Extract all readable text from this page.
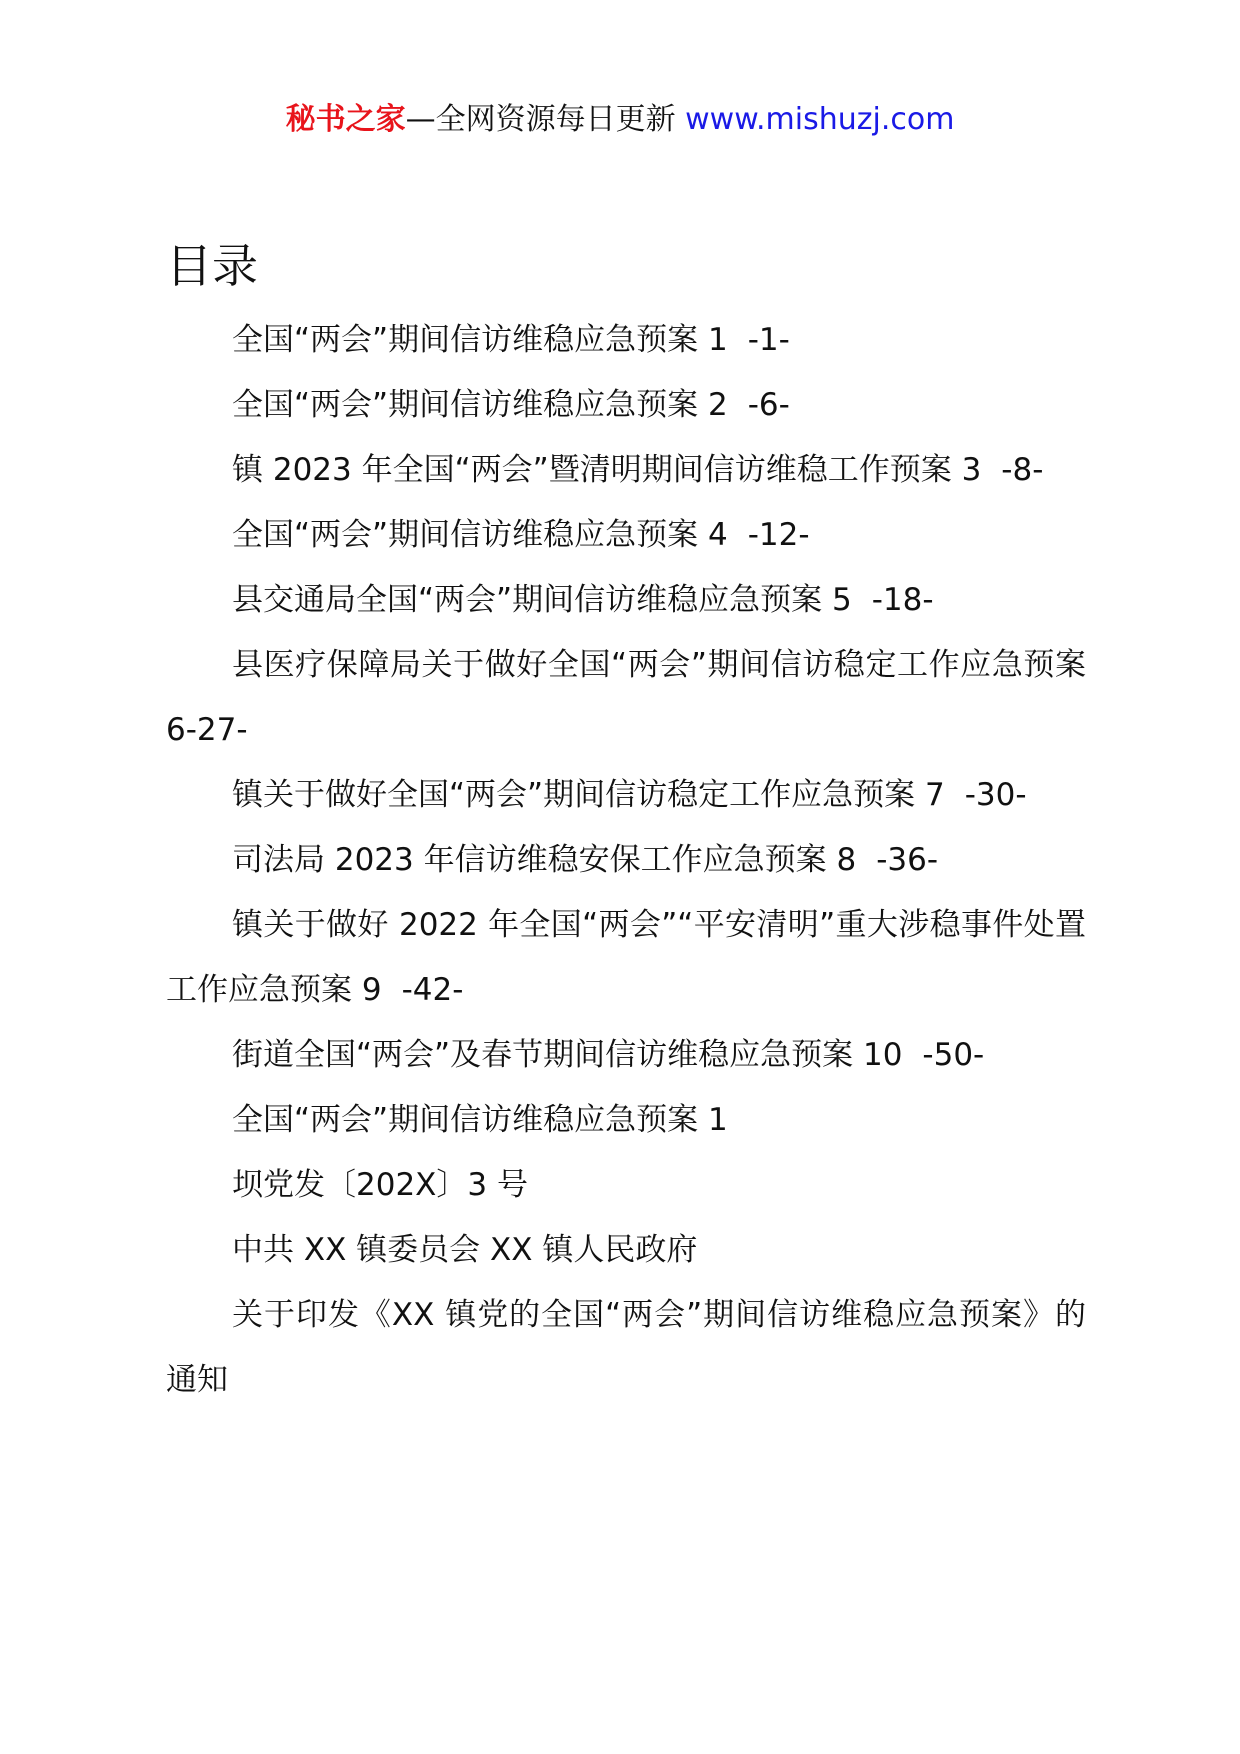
秘书之家—全网资源每日更新 www.mishuzj.com
目录

全国“两会”期间信访维稳应急预案 1 -1-

全国“两会”期间信访维稳应急预案 2 -6-

镇 2023 年全国“两会”暨清明期间信访维稳工作预案 3 -8-

全国“两会”期间信访维稳应急预案 4 -12-

县交通局全国“两会”期间信访维稳应急预案 5 -18-

县医疗保障局关于做好全国“两会”期间信访稳定工作应急预案 6-27-

镇关于做好全国“两会”期间信访稳定工作应急预案 7 -30-

司法局 2023 年信访维稳安保工作应急预案 8 -36-

镇关于做好 2022 年全国“两会”“平安清明”重大涉稳事件处置工作应急预案 9 -42-

街道全国“两会”及春节期间信访维稳应急预案 10 -50-

全国“两会”期间信访维稳应急预案 1

坝党发〔202X〕3 号

中共 XX 镇委员会 XX 镇人民政府

关于印发《XX 镇党的全国“两会”期间信访维稳应急预案》的通知
